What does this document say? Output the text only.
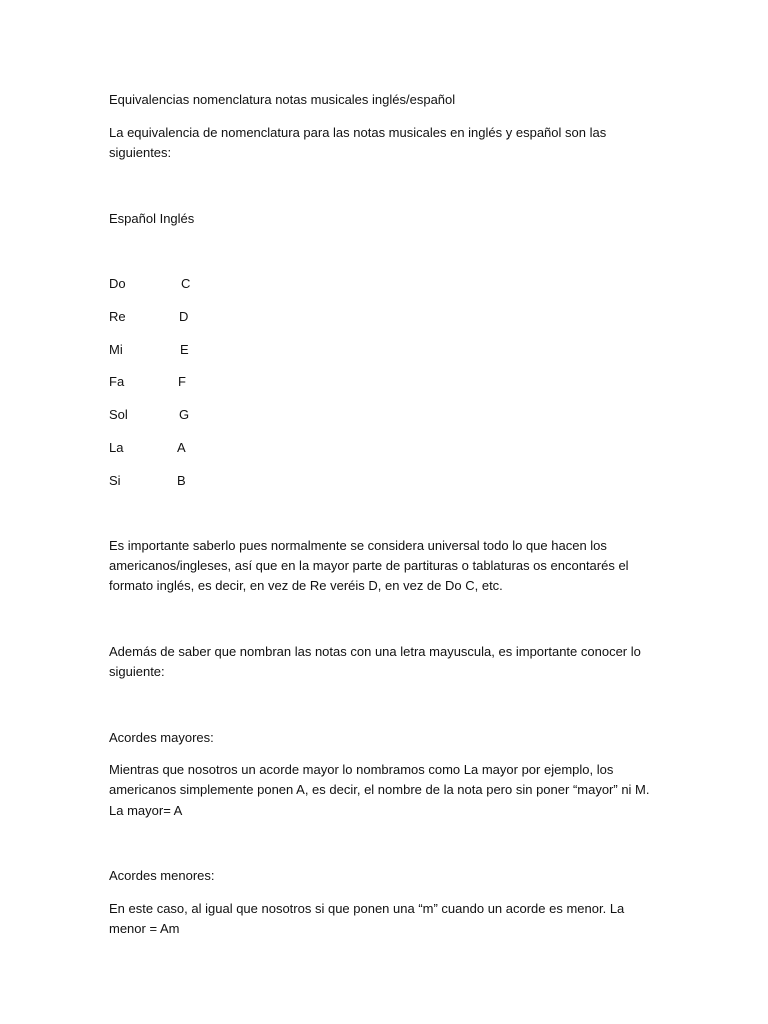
Equivalencias nomenclatura notas musicales inglés/español

La equivalencia de nomenclatura para las notas musicales en inglés y español son las siguientes:

Español Inglés

Do	C
Re	D
Mi	E
Fa	F
Sol	G
La	A
Si	B

Es importante saberlo pues normalmente se considera universal todo lo que hacen los americanos/ingleses, así que en la mayor parte de partituras o tablaturas os encontarés el formato inglés, es decir, en vez de Re veréis D, en vez de Do C, etc.

Además de saber que nombran las notas con una letra mayuscula, es importante conocer lo siguiente:

Acordes mayores:

Mientras que nosotros un acorde mayor lo nombramos como La mayor por ejemplo, los americanos simplemente ponen A, es decir, el nombre de la nota pero sin poner “mayor” ni M.

La mayor= A

Acordes menores:

En este caso, al igual que nosotros si que ponen una “m” cuando un acorde es menor. La menor = Am
